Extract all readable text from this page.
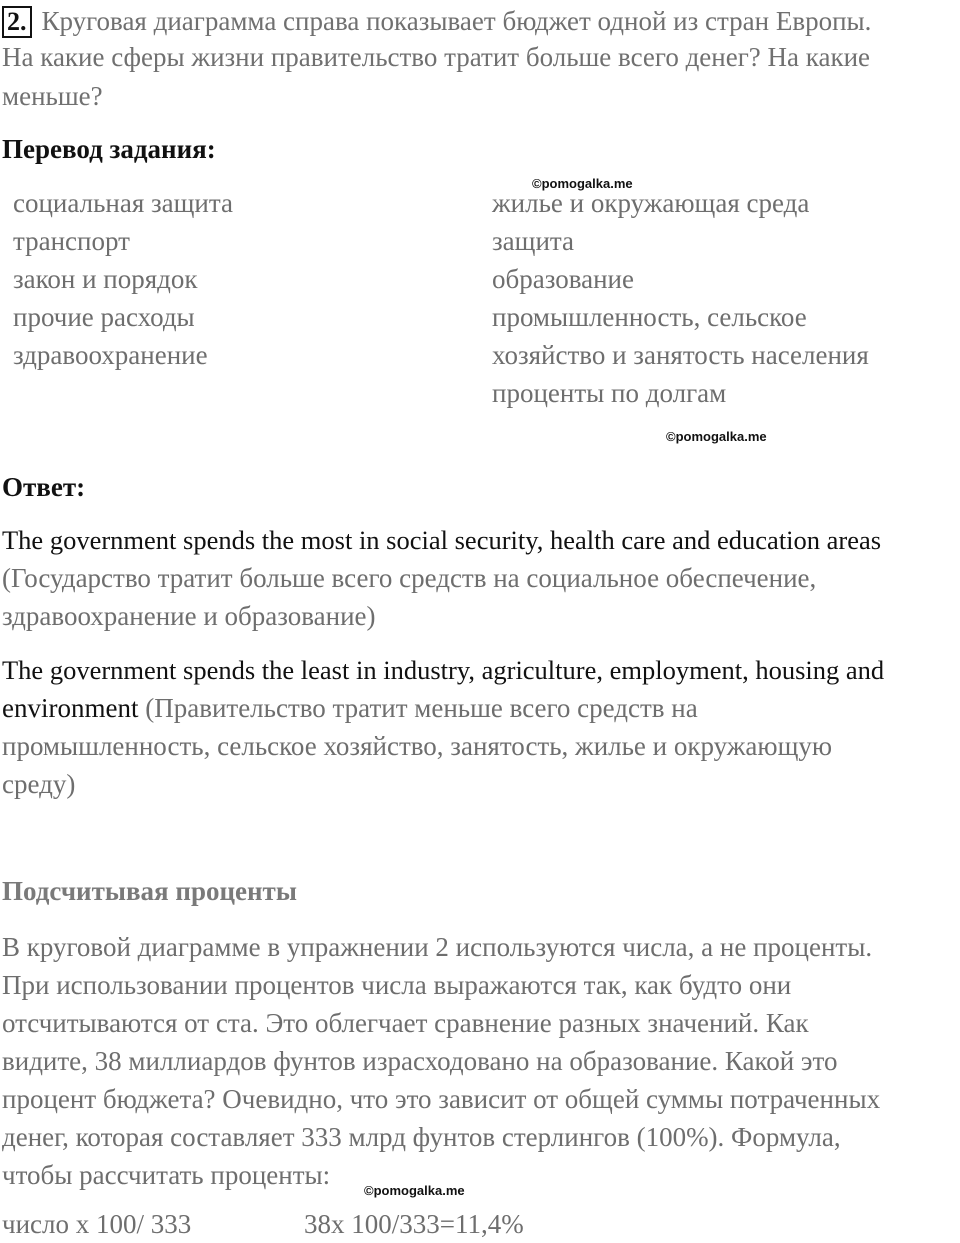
2. Круговая диаграмма справа показывает бюджет одной из стран Европы.
На какие сферы жизни правительство тратит больше всего денег? На какие
меньше?
Перевод задания:
©pomogalka.me
социальная защита
транспорт
закон и порядок
прочие расходы
здравоохранение
жилье и окружающая среда
защита
образование
промышленность, сельское
хозяйство и занятость населения
проценты по долгам
©pomogalka.me
Ответ:
The government spends the most in social security, health care and education areas
(Государство тратит больше всего средств на социальное обеспечение,
здравоохранение и образование)
The government spends the least in industry, agriculture, employment, housing and
environment (Правительство тратит меньше всего средств на
промышленность, сельское хозяйство, занятость, жилье и окружающую
среду)
Подсчитывая проценты
В круговой диаграмме в упражнении 2 используются числа, а не проценты.
При использовании процентов числа выражаются так, как будто они
отсчитываются от ста. Это облегчает сравнение разных значений. Как
видите, 38 миллиардов фунтов израсходовано на образование. Какой это
процент бюджета? Очевидно, что это зависит от общей суммы потраченных
денег, которая составляет 333 млрд фунтов стерлингов (100%). Формула,
чтобы рассчитать проценты:
©pomogalka.me
число х 100/ 333	38х 100/333=11,4%
